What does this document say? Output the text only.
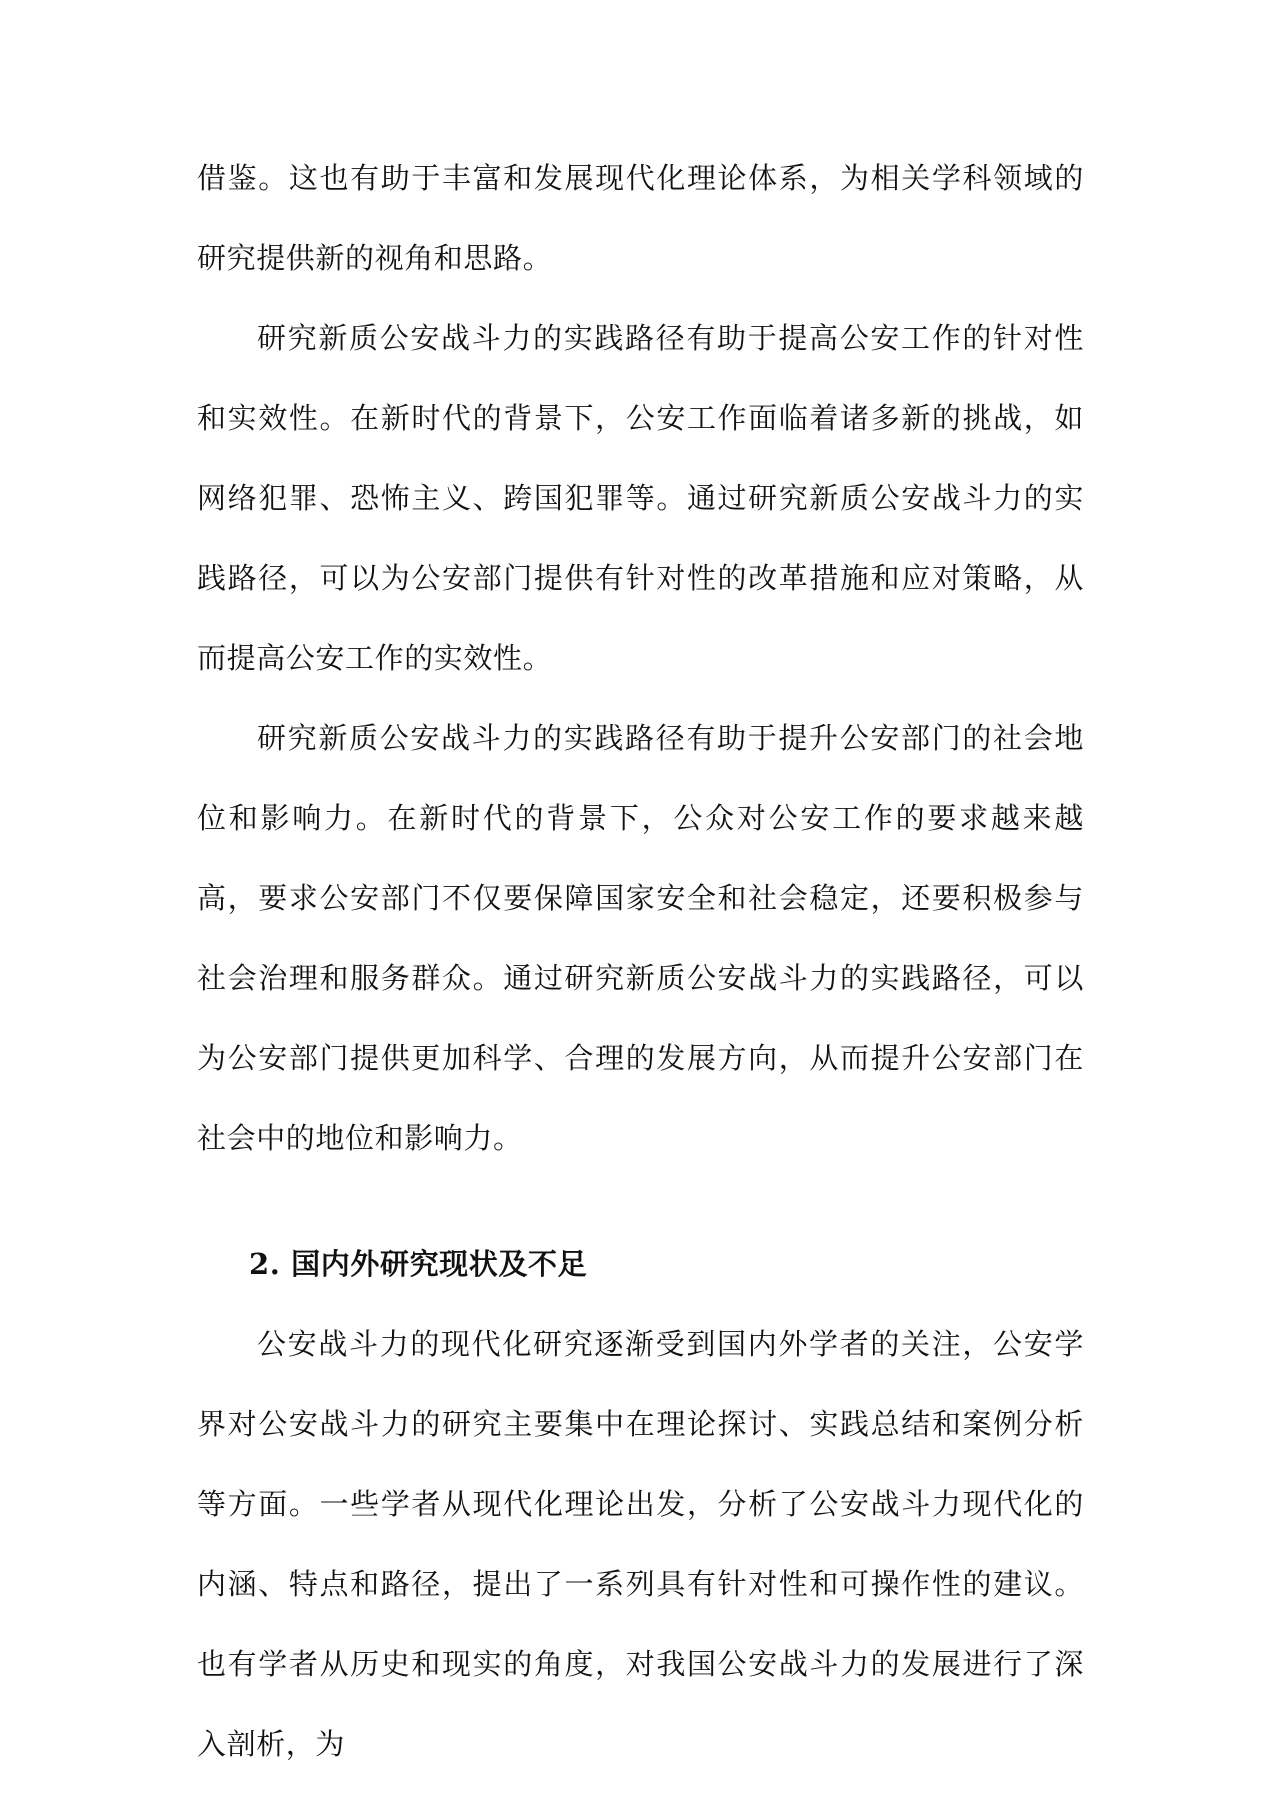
借鉴。这也有助于丰富和发展现代化理论体系，为相关学科领域的研究提供新的视角和思路。

研究新质公安战斗力的实践路径有助于提高公安工作的针对性和实效性。在新时代的背景下，公安工作面临着诸多新的挑战，如网络犯罪、恐怖主义、跨国犯罪等。通过研究新质公安战斗力的实践路径，可以为公安部门提供有针对性的改革措施和应对策略，从而提高公安工作的实效性。

研究新质公安战斗力的实践路径有助于提升公安部门的社会地位和影响力。在新时代的背景下，公众对公安工作的要求越来越高，要求公安部门不仅要保障国家安全和社会稳定，还要积极参与社会治理和服务群众。通过研究新质公安战斗力的实践路径，可以为公安部门提供更加科学、合理的发展方向，从而提升公安部门在社会中的地位和影响力。

2. 国内外研究现状及不足

公安战斗力的现代化研究逐渐受到国内外学者的关注，公安学界对公安战斗力的研究主要集中在理论探讨、实践总结和案例分析等方面。一些学者从现代化理论出发，分析了公安战斗力现代化的内涵、特点和路径，提出了一系列具有针对性和可操作性的建议。也有学者从历史和现实的角度，对我国公安战斗力的发展进行了深入剖析，为
